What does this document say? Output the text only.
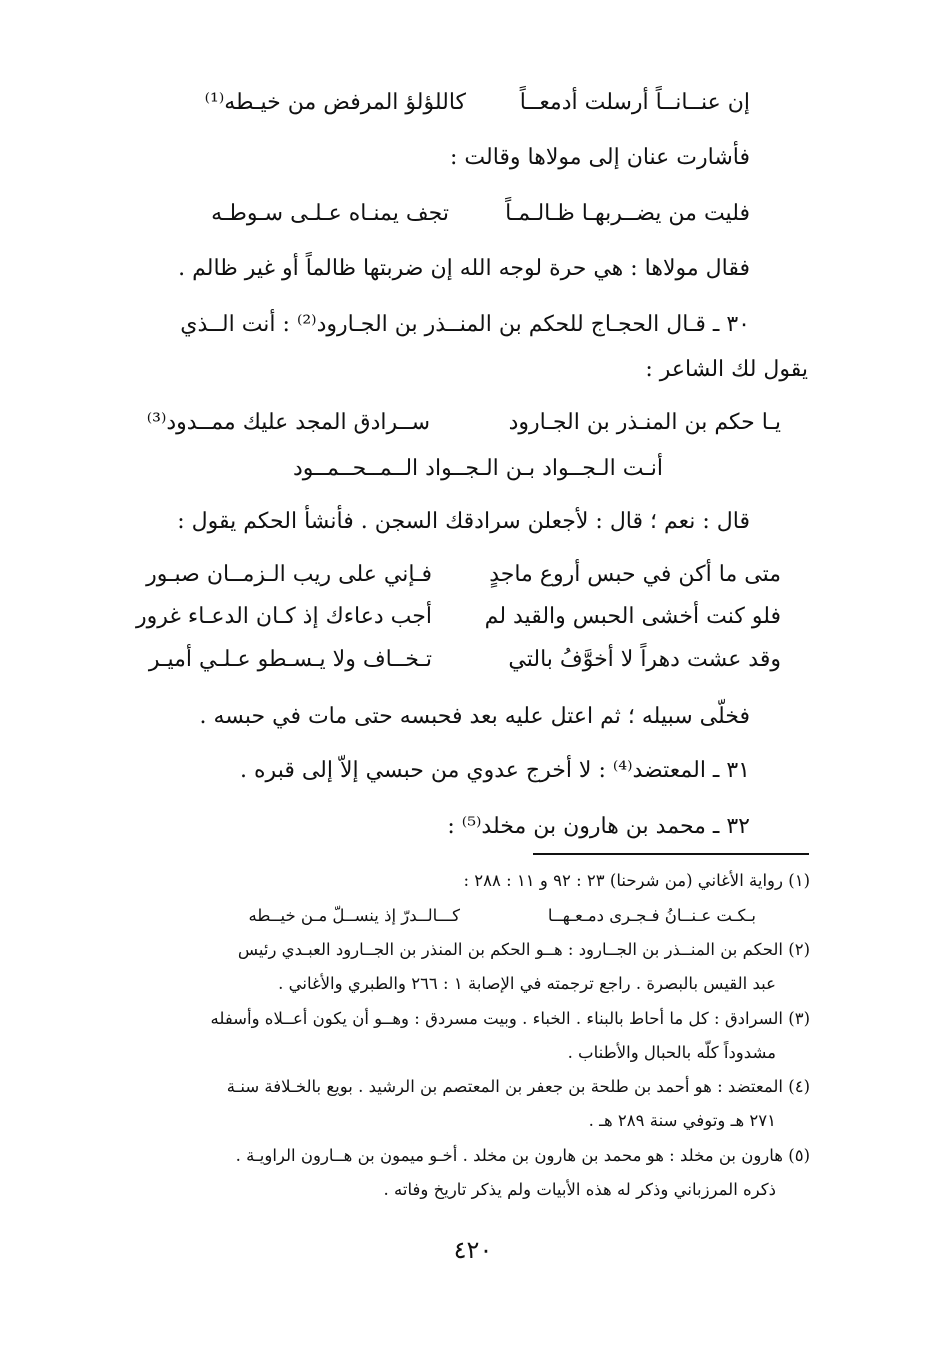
إن عنــانــاً أرسلت أدمعــاً
كاللؤلؤ المرفض من خيـطه⁽¹⁾
فأشارت عنان إلى مولاها وقالت :
فليت من يضــربهـا ظـالـمـاً
تجف يمنـاه عـلـى سـوطـه
فقال مولاها : هي حرة لوجه الله إن ضربتها ظالماً أو غير ظالم .
٣٠ ـ قـال الحجـاج للحكم بن المنــذر بن الجـارود⁽²⁾ : أنت الــذي
يقول لك الشاعر :
يـا حكم بن المنـذر بن الجـارود
ســرادق المجد عليك ممــدود⁽³⁾
أنـت الـجــواد بـن الـجــواد الــمــحــمــود
قال : نعم ؛ قال : لأجعلن سرادقك السجن . فأنشأ الحكم يقول :
متى ما أكن في حبس أروع ماجدٍ
فـإني على ريب الـزمــان صبـور
فلو كنت أخشى الحبس والقيد لم
أجب دعاءك إذ كـان الدعـاء غرور
وقد عشت دهراً لا أخوَّفُ بالتي
تـخــاف ولا يـسـطو عـلـي أميـر
فخلّى سبيله ؛ ثم اعتل عليه بعد فحبسه حتى مات في حبسه .
٣١ ـ المعتضد⁽⁴⁾ : لا أخرج عدوي من حبسي إلاّ إلى قبره .
٣٢ ـ محمد بن هارون بن مخلد⁽⁵⁾ :
(١) رواية الأغاني (من شرحنا) ٢٣ : ٩٢ و ١١ : ٢٨٨ :
بـكـت عـنــانُ فـجـرى دمـعـهــا
كـــالــدرّ إذ ينســلّ مـن خيــطه
(٢) الحكم بن المنــذر بن الجــارود : هــو الحكم بن المنذر بن الجــارود العبـدي رئيس
عبد القيس بالبصرة . راجع ترجمته في الإصابة ١ : ٢٦٦ والطبري والأغاني .
(٣) السرادق : كل ما أحاط بالبناء . الخباء . وبيت مسردق : وهــو أن يكون أعــلاه وأسفله
مشدوداً كلّه بالحبال والأطناب .
(٤) المعتضد : هو أحمد بن طلحة بن جعفر بن المعتصم بن الرشيد . بويع بالخـلافة سنـة
٢٧١ هـ وتوفي سنة ٢٨٩ هـ .
(٥) هارون بن مخلد : هو محمد بن هارون بن مخلد . أخـو ميمون بن هــارون الراويـة .
ذكره المرزباني وذكر له هذه الأبيات ولم يذكر تاريخ وفاته .
٤٢٠
